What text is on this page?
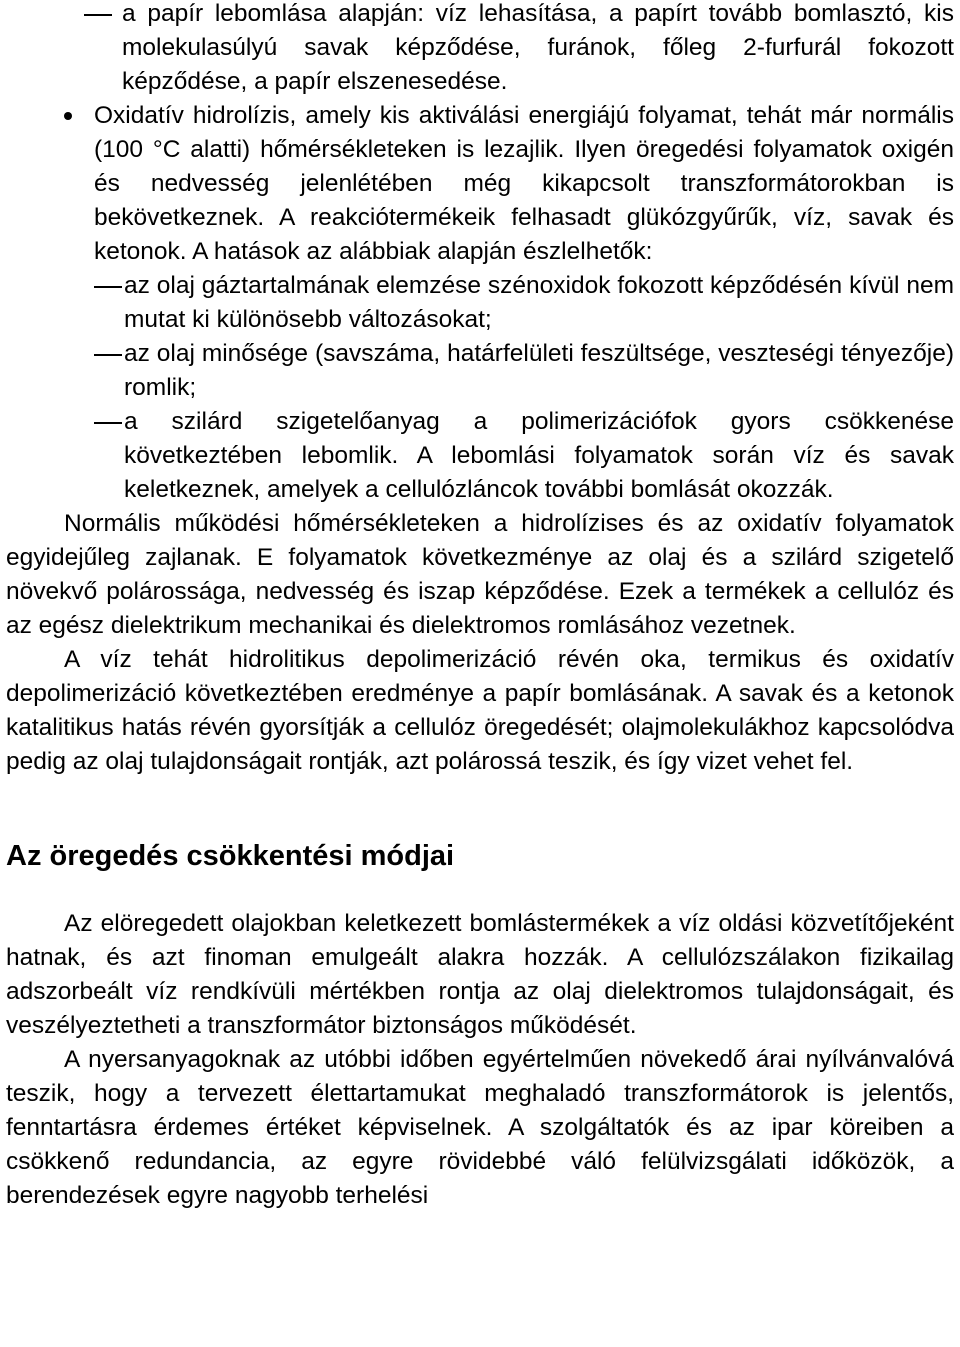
a papír lebomlása alapján: víz lehasítása, a papírt tovább bomlasztó, kis molekulasúlyú savak képződése, furánok, főleg 2-furfurál fokozott képződése, a papír elszenesedése.

Oxidatív hidrolízis, amely kis aktiválási energiájú folyamat, tehát már normális (100 °C alatti) hőmérsékleteken is lezajlik. Ilyen öregedési folyamatok oxigén és nedvesség jelenlétében még kikapcsolt transzformátorokban is bekövetkeznek. A reakciótermékeik felhasadt glükózgyűrűk, víz, savak és ketonok. A hatások az alábbiak alapján észlelhetők:

az olaj gáztartalmának elemzése szénoxidok fokozott képződésén kívül nem mutat ki különösebb változásokat;

az olaj minősége (savszáma, határfelületi feszültsége, veszteségi tényezője) romlik;

a szilárd szigetelőanyag a polimerizációfok gyors csökkenése következtében lebomlik. A lebomlási folyamatok során víz és savak keletkeznek, amelyek a cellulózláncok további bomlását okozzák.

Normális működési hőmérsékleteken a hidrolízises és az oxidatív folyamatok egyidejűleg zajlanak. E folyamatok következménye az olaj és a szilárd szigetelő növekvő polárossága, nedvesség és iszap képződése. Ezek a termékek a cellulóz és az egész dielektrikum mechanikai és dielektromos romlásához vezetnek.

A víz tehát hidrolitikus depolimerizáció révén oka, termikus és oxidatív depolimerizáció következtében eredménye a papír bomlásának. A savak és a ketonok katalitikus hatás révén gyorsítják a cellulóz öregedését; olajmolekulákhoz kapcsolódva pedig az olaj tulajdonságait rontják, azt polárossá teszik, és így vizet vehet fel.

Az öregedés csökkentési módjai

Az elöregedett olajokban keletkezett bomlástermékek a víz oldási közvetítőjeként hatnak, és azt finoman emulgeált alakra hozzák. A cellulózszálakon fizikailag adszorbeált víz rendkívüli mértékben rontja az olaj dielektromos tulajdonságait, és veszélyeztetheti a transzformátor biztonságos működését.

A nyersanyagoknak az utóbbi időben egyértelműen növekedő árai nyílvánvalóvá teszik, hogy a tervezett élettartamukat meghaladó transzformátorok is jelentős, fenntartásra érdemes értéket képviselnek. A szolgáltatók és az ipar köreiben a csökkenő redundancia, az egyre rövidebbé váló felülvizsgálati időközök, a berendezések egyre nagyobb terhelési
